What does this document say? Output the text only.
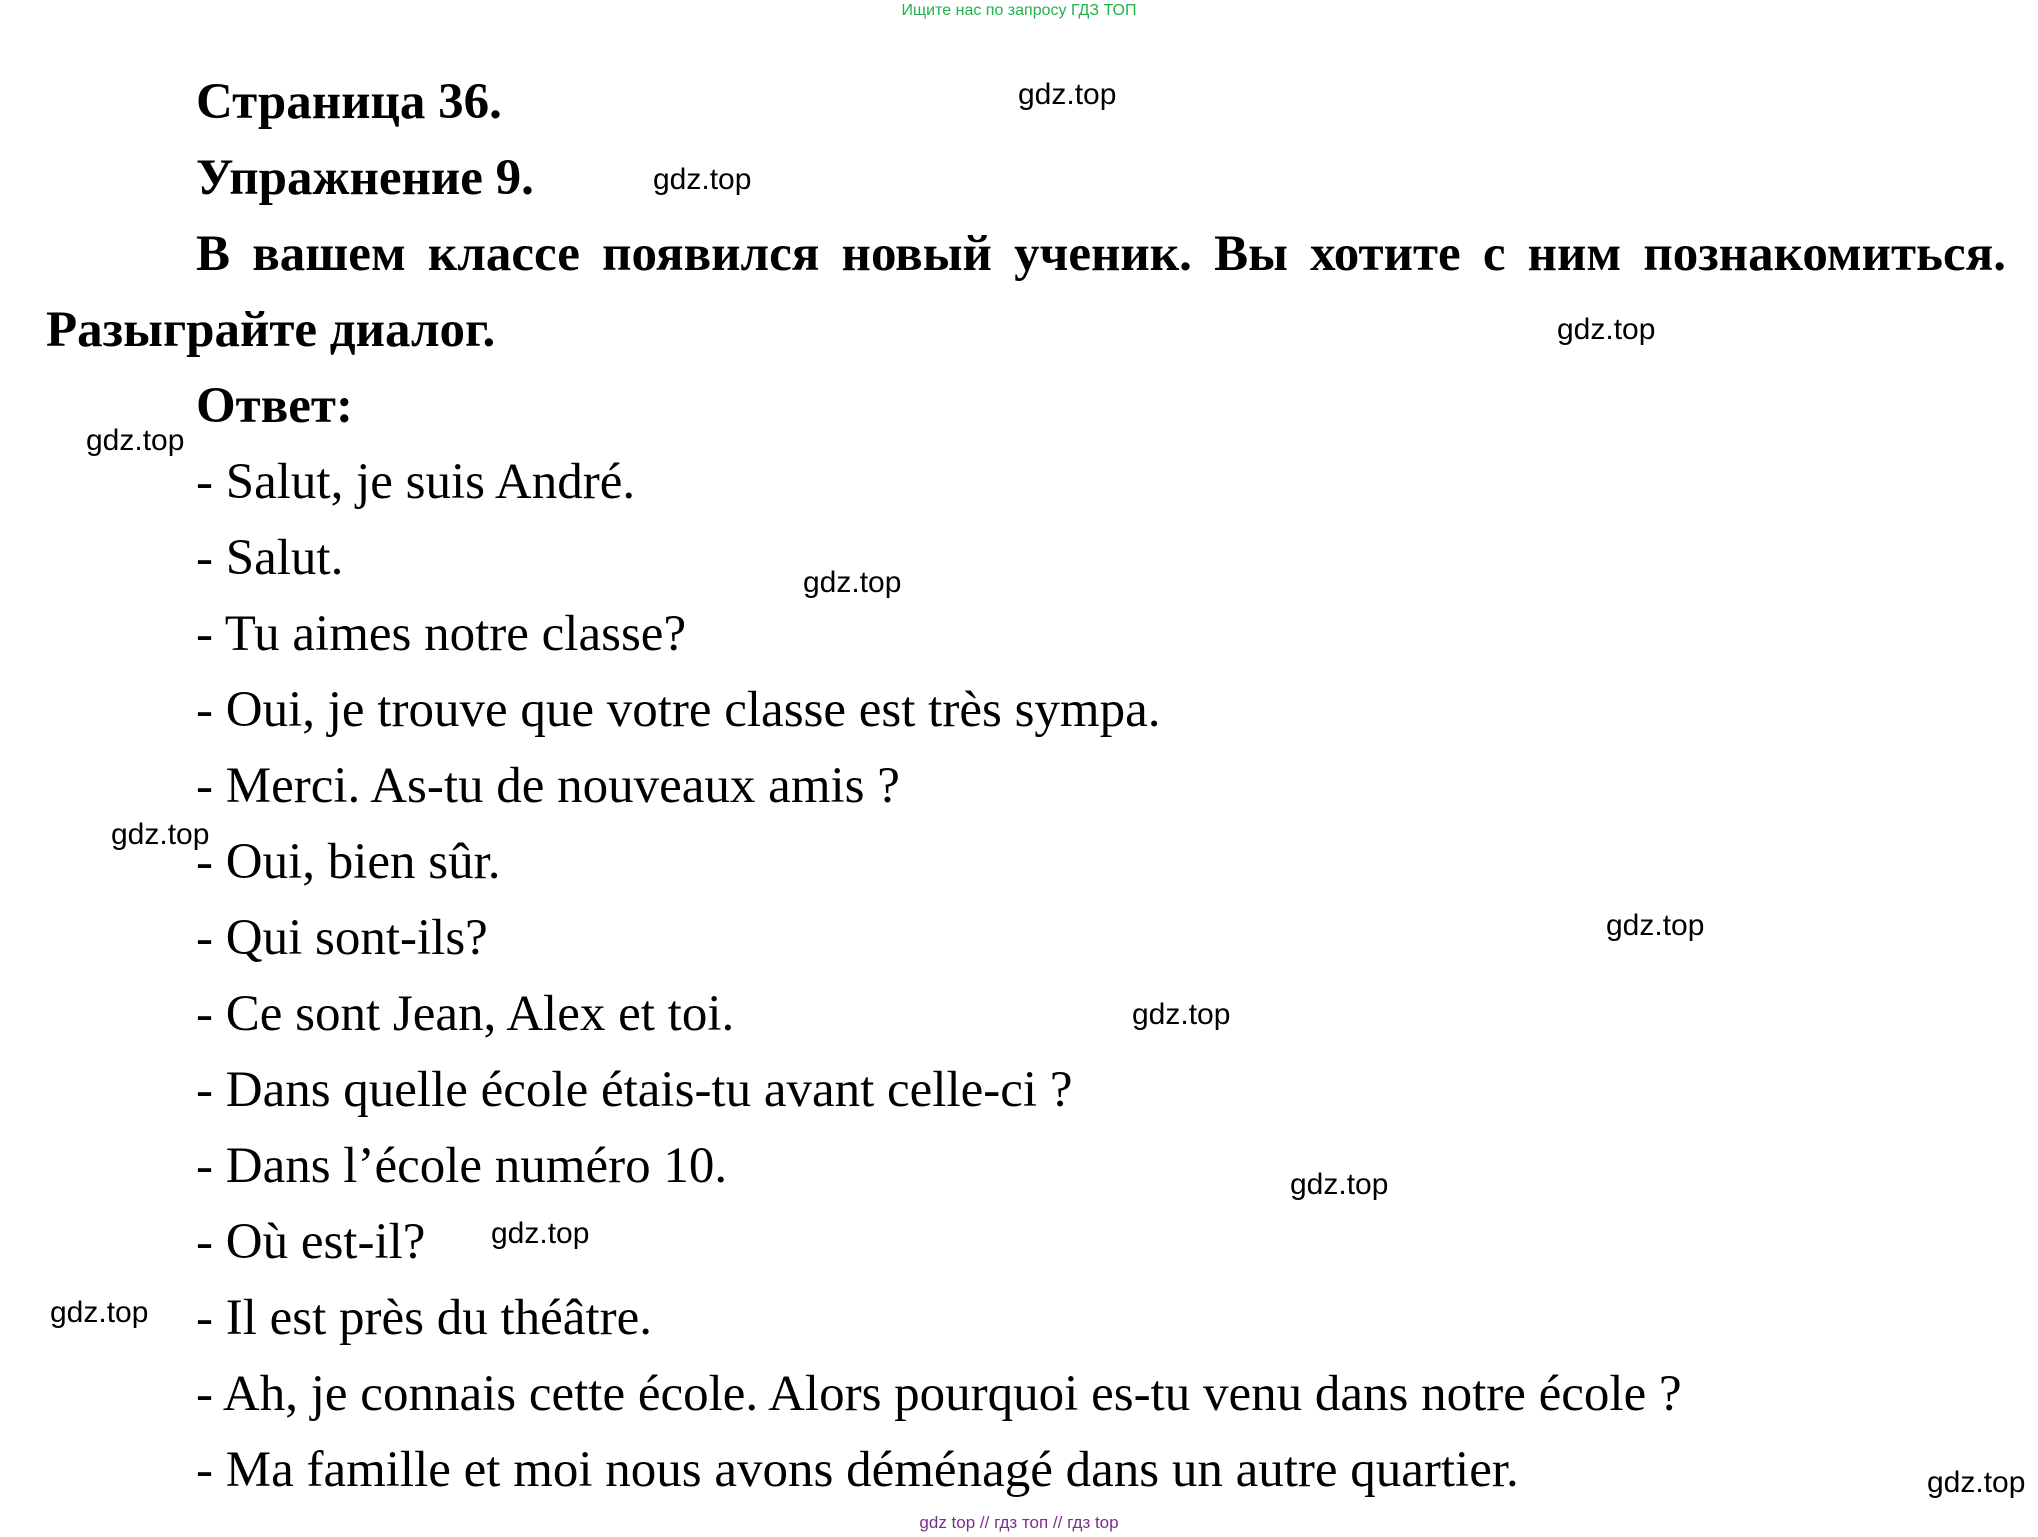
Ищите нас по запросу ГДЗ ТОП

Страница 36.

Упражнение 9.

В вашем классе появился новый ученик. Вы хотите с ним познакомиться. Разыграйте диалог.

Ответ:

- Salut, je suis André.
- Salut.
- Tu aimes notre classe?
- Oui, je trouve que votre classe est très sympa.
- Merci. As-tu de nouveaux amis ?
- Oui, bien sûr.
- Qui sont-ils?
- Ce sont Jean, Alex et toi.
- Dans quelle école étais-tu avant celle-ci ?
- Dans l’école numéro 10.
- Où est-il?
- Il est près du théâtre.
- Ah, je connais cette école. Alors pourquoi es-tu venu dans notre école ?
- Ma famille et moi nous avons déménagé dans un autre quartier.
gdz.top
gdz.top
gdz.top
gdz.top
gdz.top
gdz.top
gdz.top
gdz.top
gdz.top
gdz.top
gdz.top
gdz.top
gdz top // гдз топ // гдз top
